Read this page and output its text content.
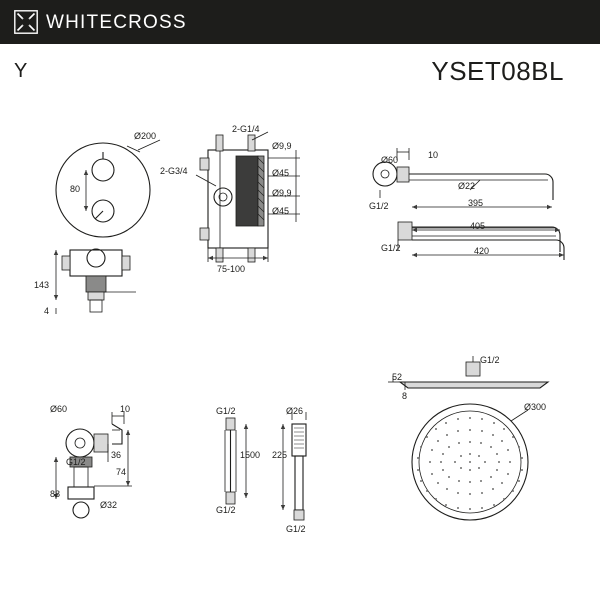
WHITECROSS
Y	YSET08BL
Ø200
80
2-G1/4
2-G3/4
Ø9,9
Ø45
Ø9,9
Ø45
75-100
143
4
Ø60	10
Ø22
395
G1/2
405
G1/2	420
Ø60	10
G1/2
36
74
88
Ø32
G1/2
1500
G1/2
Ø26
225
G1/2
G1/2
52
8
Ø300
